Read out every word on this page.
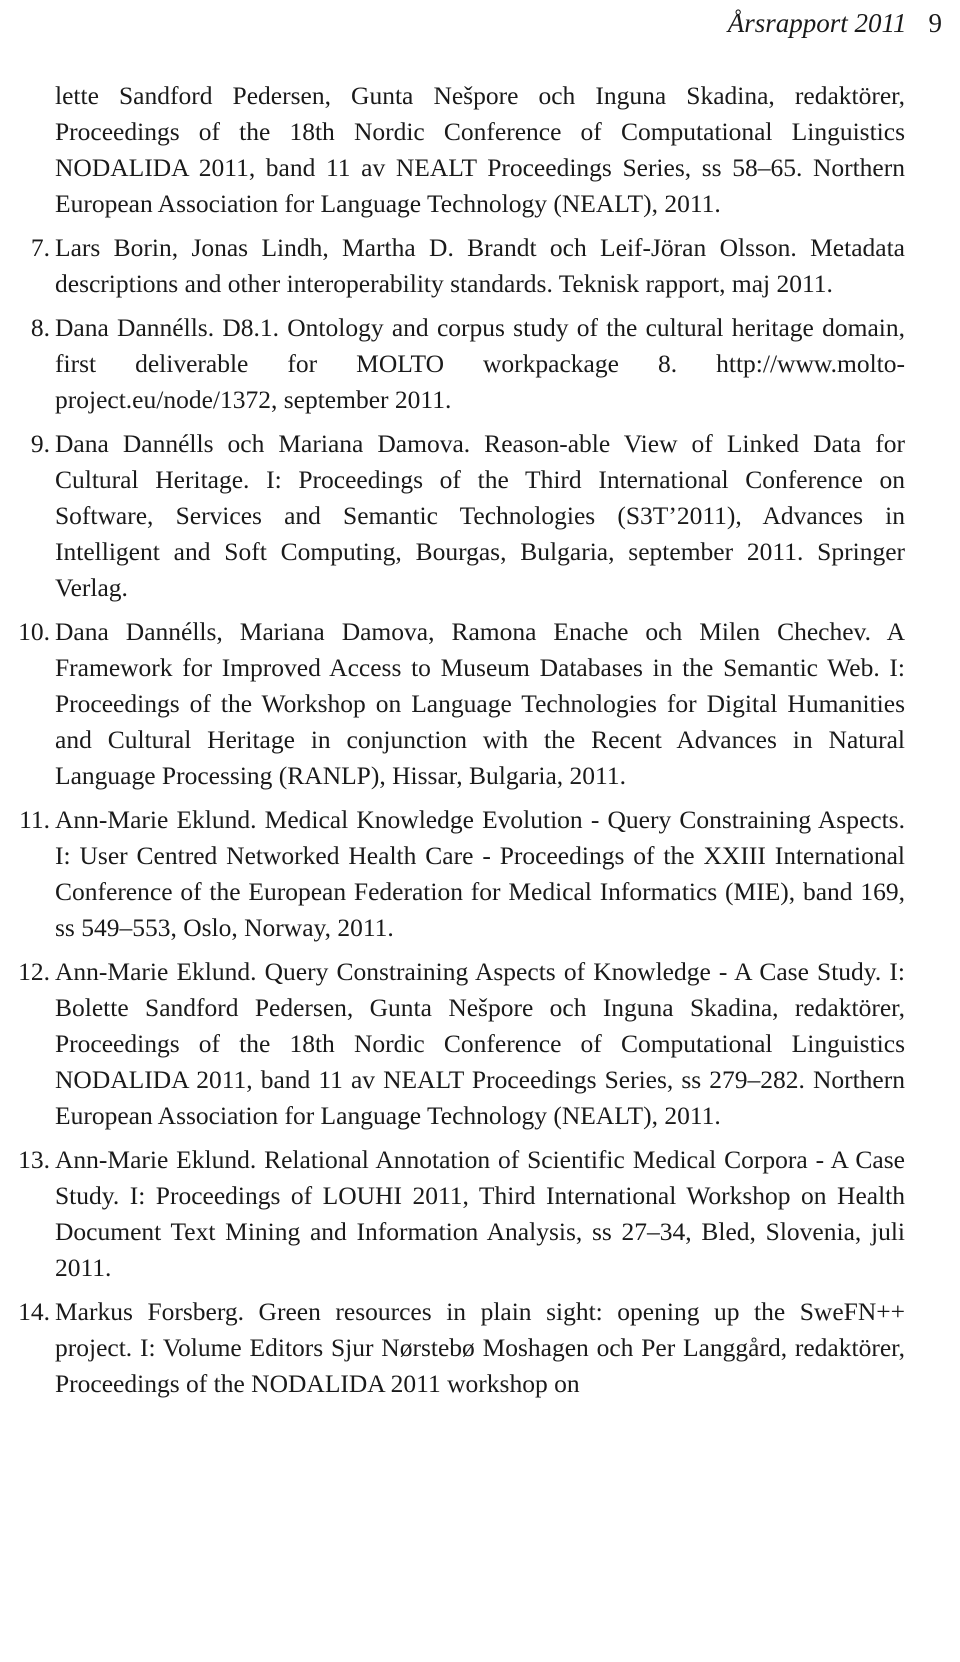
Årsrapport 2011 9
lette Sandford Pedersen, Gunta Nešpore och Inguna Skadina, redaktörer, Proceedings of the 18th Nordic Conference of Computational Linguistics NODALIDA 2011, band 11 av NEALT Proceedings Series, ss 58–65. Northern European Association for Language Technology (NEALT), 2011.
7. Lars Borin, Jonas Lindh, Martha D. Brandt och Leif-Jöran Olsson. Metadata descriptions and other interoperability standards. Teknisk rapport, maj 2011.
8. Dana Dannélls. D8.1. Ontology and corpus study of the cultural heritage domain, first deliverable for MOLTO workpackage 8. http://www.molto-project.eu/node/1372, september 2011.
9. Dana Dannélls och Mariana Damova. Reason-able View of Linked Data for Cultural Heritage. I: Proceedings of the Third International Conference on Software, Services and Semantic Technologies (S3T’2011), Advances in Intelligent and Soft Computing, Bourgas, Bulgaria, september 2011. Springer Verlag.
10. Dana Dannélls, Mariana Damova, Ramona Enache och Milen Chechev. A Framework for Improved Access to Museum Databases in the Semantic Web. I: Proceedings of the Workshop on Language Technologies for Digital Humanities and Cultural Heritage in conjunction with the Recent Advances in Natural Language Processing (RANLP), Hissar, Bulgaria, 2011.
11. Ann-Marie Eklund. Medical Knowledge Evolution - Query Constraining Aspects. I: User Centred Networked Health Care - Proceedings of the XXIII International Conference of the European Federation for Medical Informatics (MIE), band 169, ss 549–553, Oslo, Norway, 2011.
12. Ann-Marie Eklund. Query Constraining Aspects of Knowledge - A Case Study. I: Bolette Sandford Pedersen, Gunta Nešpore och Inguna Skadina, redaktörer, Proceedings of the 18th Nordic Conference of Computational Linguistics NODALIDA 2011, band 11 av NEALT Proceedings Series, ss 279–282. Northern European Association for Language Technology (NEALT), 2011.
13. Ann-Marie Eklund. Relational Annotation of Scientific Medical Corpora - A Case Study. I: Proceedings of LOUHI 2011, Third International Workshop on Health Document Text Mining and Information Analysis, ss 27–34, Bled, Slovenia, juli 2011.
14. Markus Forsberg. Green resources in plain sight: opening up the SweFN++ project. I: Volume Editors Sjur Nørstebø Moshagen och Per Langgård, redaktörer, Proceedings of the NODALIDA 2011 workshop on
